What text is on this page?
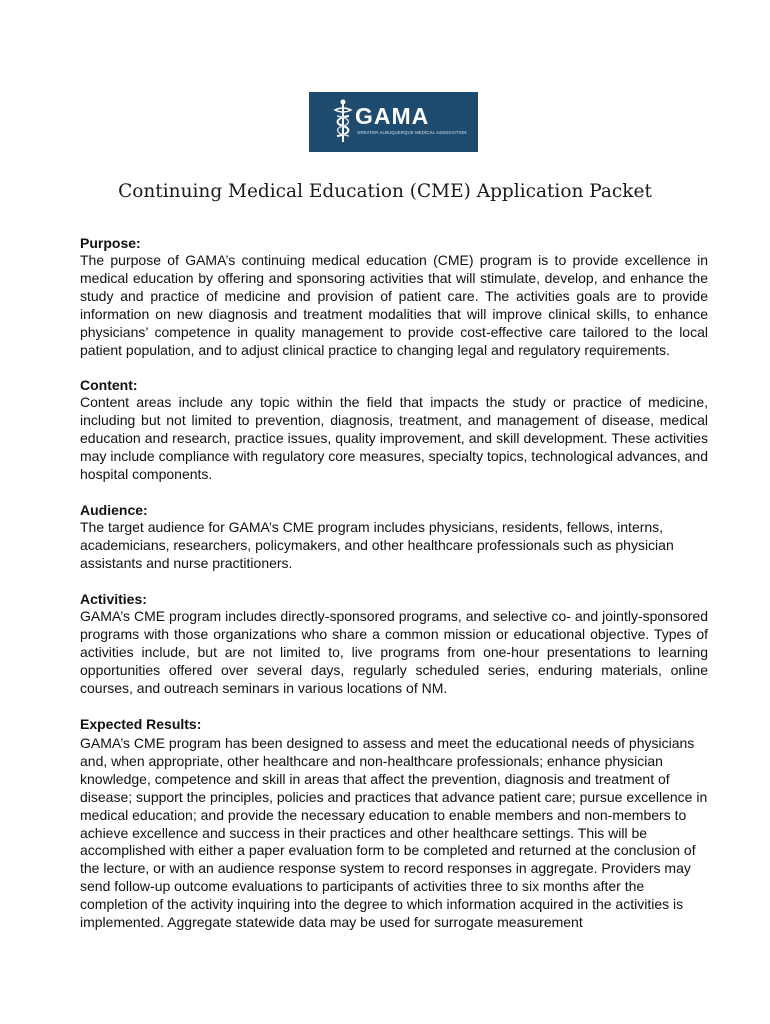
GAMA
GREATER ALBUQUERQUE MEDICAL ASSOCIATION
Continuing Medical Education (CME) Application Packet

Purpose:

The purpose of GAMA’s continuing medical education (CME) program is to provide excellence in medical education by offering and sponsoring activities that will stimulate, develop, and enhance the study and practice of medicine and provision of patient care. The activities goals are to provide information on new diagnosis and treatment modalities that will improve clinical skills, to enhance physicians’ competence in quality management to provide cost-effective care tailored to the local patient population, and to adjust clinical practice to changing legal and regulatory requirements.

Content:

Content areas include any topic within the field that impacts the study or practice of medicine, including but not limited to prevention, diagnosis, treatment, and management of disease, medical education and research, practice issues, quality improvement, and skill development. These activities may include compliance with regulatory core measures, specialty topics, technological advances, and hospital components.

Audience:

The target audience for GAMA’s CME program includes physicians, residents, fellows, interns, academicians, researchers, policymakers, and other healthcare professionals such as physician assistants and nurse practitioners.

Activities:

GAMA’s CME program includes directly-sponsored programs, and selective co- and jointly-sponsored programs with those organizations who share a common mission or educational objective. Types of activities include, but are not limited to, live programs from one-hour presentations to learning opportunities offered over several days, regularly scheduled series, enduring materials, online courses, and outreach seminars in various locations of NM.

Expected Results:

GAMA’s CME program has been designed to assess and meet the educational needs of physicians and, when appropriate, other healthcare and non-healthcare professionals; enhance physician knowledge, competence and skill in areas that affect the prevention, diagnosis and treatment of disease; support the principles, policies and practices that advance patient care; pursue excellence in medical education; and provide the necessary education to enable members and non-members to achieve excellence and success in their practices and other healthcare settings. This will be accomplished with either a paper evaluation form to be completed and returned at the conclusion of the lecture, or with an audience response system to record responses in aggregate. Providers may send follow-up outcome evaluations to participants of activities three to six months after the completion of the activity inquiring into the degree to which information acquired in the activities is implemented. Aggregate statewide data may be used for surrogate measurement
